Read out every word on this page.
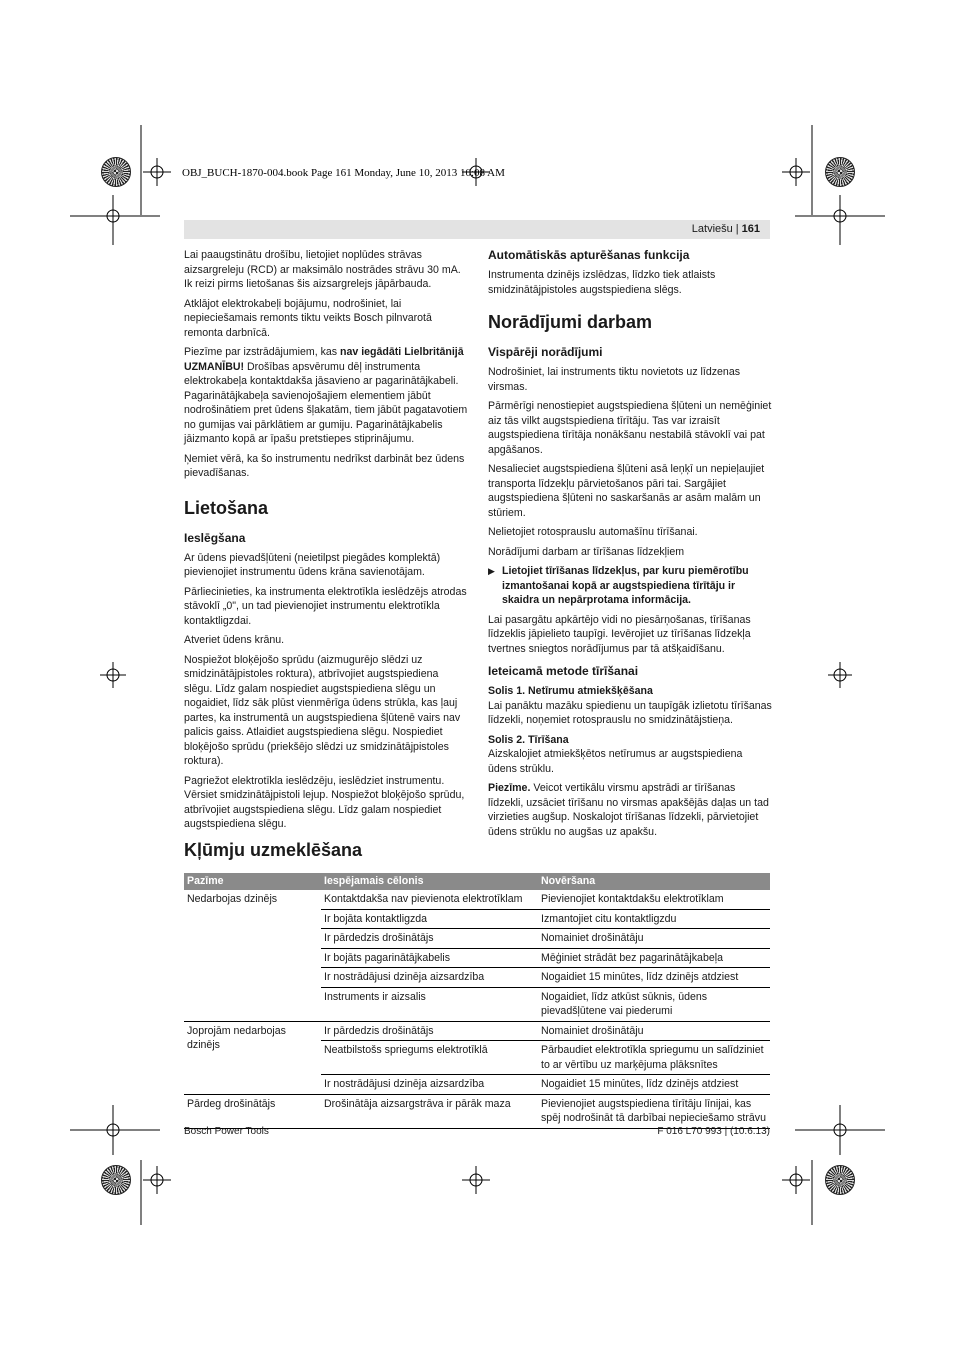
OBJ_BUCH-1870-004.book Page 161 Monday, June 10, 2013 10:08 AM
Latviešu | 161

Lai paaugstinātu drošību, lietojiet noplūdes strāvas aizsargreleju (RCD) ar maksimālo nostrādes strāvu 30 mA. Ik reizi pirms lietošanas šis aizsargrelejs jāpārbauda.

Atklājot elektrokabeļi bojājumu, nodrošiniet, lai nepieciešamais remonts tiktu veikts Bosch pilnvarotā remonta darbnīcā.

Piezīme par izstrādājumiem, kas nav iegādāti Lielbritānijā UZMANĪBU! Drošības apsvērumu dēļ instrumenta elektrokabeļa kontaktdakša jāsavieno ar pagarinātājkabeli. Pagarinātājkabeļa savienojošajiem elementiem jābūt nodrošinātiem pret ūdens šļakatām, tiem jābūt pagatavotiem no gumijas vai pārklātiem ar gumiju. Pagarinātājkabelis jāizmanto kopā ar īpašu pretstiepes stiprinājumu.

Ņemiet vērā, ka šo instrumentu nedrīkst darbināt bez ūdens pievadīšanas.

Lietošana
Ieslēgšana

Ar ūdens pievadšļūteni (neietilpst piegādes komplektā) pievienojiet instrumentu ūdens krāna savienotājam.

Pārliecinieties, ka instrumenta elektrotīkla ieslēdzējs atrodas stāvoklī „0", un tad pievienojiet instrumentu elektrotīkla kontaktligzdai.

Atveriet ūdens krānu.

Nospiežot bloķējošo sprūdu (aizmugurējo slēdzi uz smidzinātājpistoles roktura), atbrīvojiet augstspiediena slēgu. Līdz galam nospiediet augstspiediena slēgu un nogaidiet, līdz sāk plūst vienmērīga ūdens strūkla, kas ļauj partes, ka instrumentā un augstspiediena šļūtenē vairs nav palicis gaiss. Atlaidiet augstspiediena slēgu. Nospiediet bloķējošo sprūdu (priekšējo slēdzi uz smidzinātājpistoles roktura).

Pagriežot elektrotīkla ieslēdzēju, ieslēdziet instrumentu. Vērsiet smidzinātājpistoli lejup. Nospiežot bloķējošo sprūdu, atbrīvojiet augstspiediena slēgu. Līdz galam nospiediet augstspiediena slēgu.

Automātiskās apturēšanas funkcija

Instrumenta dzinējs izslēdzas, līdzko tiek atlaists smidzinātājpistoles augstspiediena slēgs.

Norādījumi darbam
Vispārēji norādījumi

Nodrošiniet, lai instruments tiktu novietots uz līdzenas virsmas.

Pārmērīgi nenostiepiet augstspiediena šļūteni un nemēģiniet aiz tās vilkt augstspiediena tīrītāju. Tas var izraisīt augstspiediena tīrītāja nonākšanu nestabilā stāvoklī vai pat apgāšanos.

Nesalieciet augstspiediena šļūteni asā leņķī un nepieļaujiet transporta līdzekļu pārvietošanos pāri tai. Sargājiet augstspiediena šļūteni no saskaršanās ar asām malām un stūriem.

Nelietojiet rotosprauslu automašīnu tīrīšanai.

Norādījumi darbam ar tīrīšanas līdzekļiem

▶ Lietojiet tīrīšanas līdzekļus, par kuru piemērotību izmantošanai kopā ar augstspiediena tīrītāju ir skaidra un nepārprotama informācija.

Lai pasargātu apkārtējo vidi no piesārņošanas, tīrīšanas līdzeklis jāpielieto taupīgi. Ievērojiet uz tīrīšanas līdzekļa tvertnes sniegtos norādījumus par tā atšķaidīšanu.

Ieteicamā metode tīrīšanai
Solis 1. Netīrumu atmiekšķēšana

Lai panāktu mazāku spiedienu un taupīgāk izlietotu tīrīšanas līdzekli, noņemiet rotosprauslu no smidzinātājstieņa.

Solis 2. Tīrīšana

Aizskalojiet atmiekšķētos netīrumus ar augstspiediena ūdens strūklu.

Piezīme. Veicot vertikālu virsmu apstrādi ar tīrīšanas līdzekli, uzsāciet tīrīšanu no virsmas apakšējās daļas un tad virzieties augšup. Noskalojot tīrīšanas līdzekli, pārvietojiet ūdens strūklu no augšas uz apakšu.

Kļūmju uzmeklēšana
Pazīme	Iespējamais cēlonis	Novēršana
Nedarbojas dzinējs	Kontaktdakša nav pievienota elektrotīklam	Pievienojiet kontaktdakšu elektrotīklam
	Ir bojāta kontaktligzda	Izmantojiet citu kontaktligzdu
	Ir pārdedzis drošinātājs	Nomainiet drošinātāju
	Ir bojāts pagarinātājkabelis	Mēģiniet strādāt bez pagarinātājkabeļa
	Ir nostrādājusi dzinēja aizsardzība	Nogaidiet 15 minūtes, līdz dzinējs atdziest
	Instruments ir aizsalis	Nogaidiet, līdz atkūst sūknis, ūdens pievadšļūtene vai piederumi
Joprojām nedarbojas dzinējs	Ir pārdedzis drošinātājs	Nomainiet drošinātāju
	Neatbilstošs spriegums elektrotīklā	Pārbaudiet elektrotīkla spriegumu un salīdziniet to ar vērtību uz marķējuma plāksnītes
	Ir nostrādājusi dzinēja aizsardzība	Nogaidiet 15 minūtes, līdz dzinējs atdziest
Pārdeg drošinātājs	Drošinātāja aizsargstrāva ir pārāk maza	Pievienojiet augstspiediena tīrītāju līnijai, kas spēj nodrošināt tā darbībai nepieciešamo strāvu
Bosch Power Tools	F 016 L70 993 | (10.6.13)
